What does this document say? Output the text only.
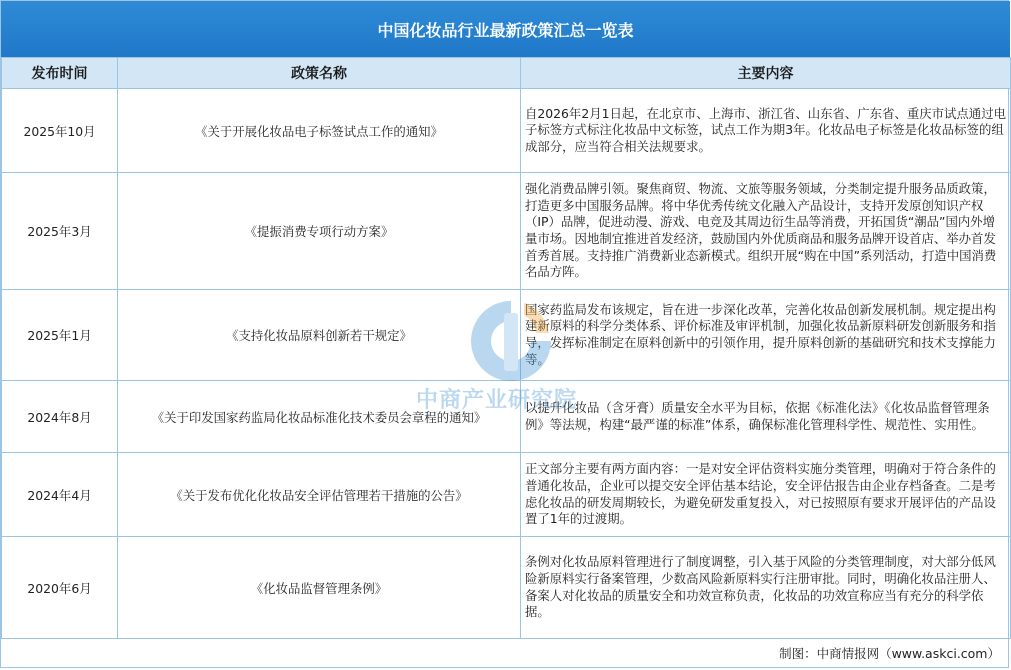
中国化妆品行业最新政策汇总一览表
发布时间	政策名称	主要内容
2025年10月	《关于开展化妆品电子标签试点工作的通知》	自2026年2月1日起，在北京市、上海市、浙江省、山东省、广东省、重庆市试点通过电子标签方式标注化妆品中文标签，试点工作为期3年。化妆品电子标签是化妆品标签的组成部分，应当符合相关法规要求。
2025年3月	《提振消费专项行动方案》	强化消费品牌引领。聚焦商贸、物流、文旅等服务领域，分类制定提升服务品质政策，打造更多中国服务品牌。将中华优秀传统文化融入产品设计，支持开发原创知识产权（IP）品牌，促进动漫、游戏、电竞及其周边衍生品等消费，开拓国货“潮品”国内外增量市场。因地制宜推进首发经济，鼓励国内外优质商品和服务品牌开设首店、举办首发首秀首展。支持推广消费新业态新模式。组织开展“购在中国”系列活动，打造中国消费名品方阵。
2025年1月	《支持化妆品原料创新若干规定》	国家药监局发布该规定，旨在进一步深化改革，完善化妆品创新发展机制。规定提出构建新原料的科学分类体系、评价标准及审评机制，加强化妆品新原料研发创新服务和指导，发挥标准制定在原料创新中的引领作用，提升原料创新的基础研究和技术支撑能力等。
2024年8月	《关于印发国家药监局化妆品标准化技术委员会章程的通知》	以提升化妆品（含牙膏）质量安全水平为目标，依据《标准化法》《化妆品监督管理条例》等法规，构建“最严谨的标准”体系，确保标准化管理科学性、规范性、实用性。
2024年4月	《关于发布优化化妆品安全评估管理若干措施的公告》	正文部分主要有两方面内容：一是对安全评估资料实施分类管理，明确对于符合条件的普通化妆品，企业可以提交安全评估基本结论，安全评估报告由企业存档备查。二是考虑化妆品的研发周期较长，为避免研发重复投入，对已按照原有要求开展评估的产品设置了1年的过渡期。
2020年6月	《化妆品监督管理条例》	条例对化妆品原料管理进行了制度调整，引入基于风险的分类管理制度，对大部分低风险新原料实行备案管理，少数高风险新原料实行注册审批。同时，明确化妆品注册人、备案人对化妆品的质量安全和功效宣称负责，化妆品的功效宣称应当有充分的科学依据。
制图：中商情报网（www.askci.com）
中商产业研究院
